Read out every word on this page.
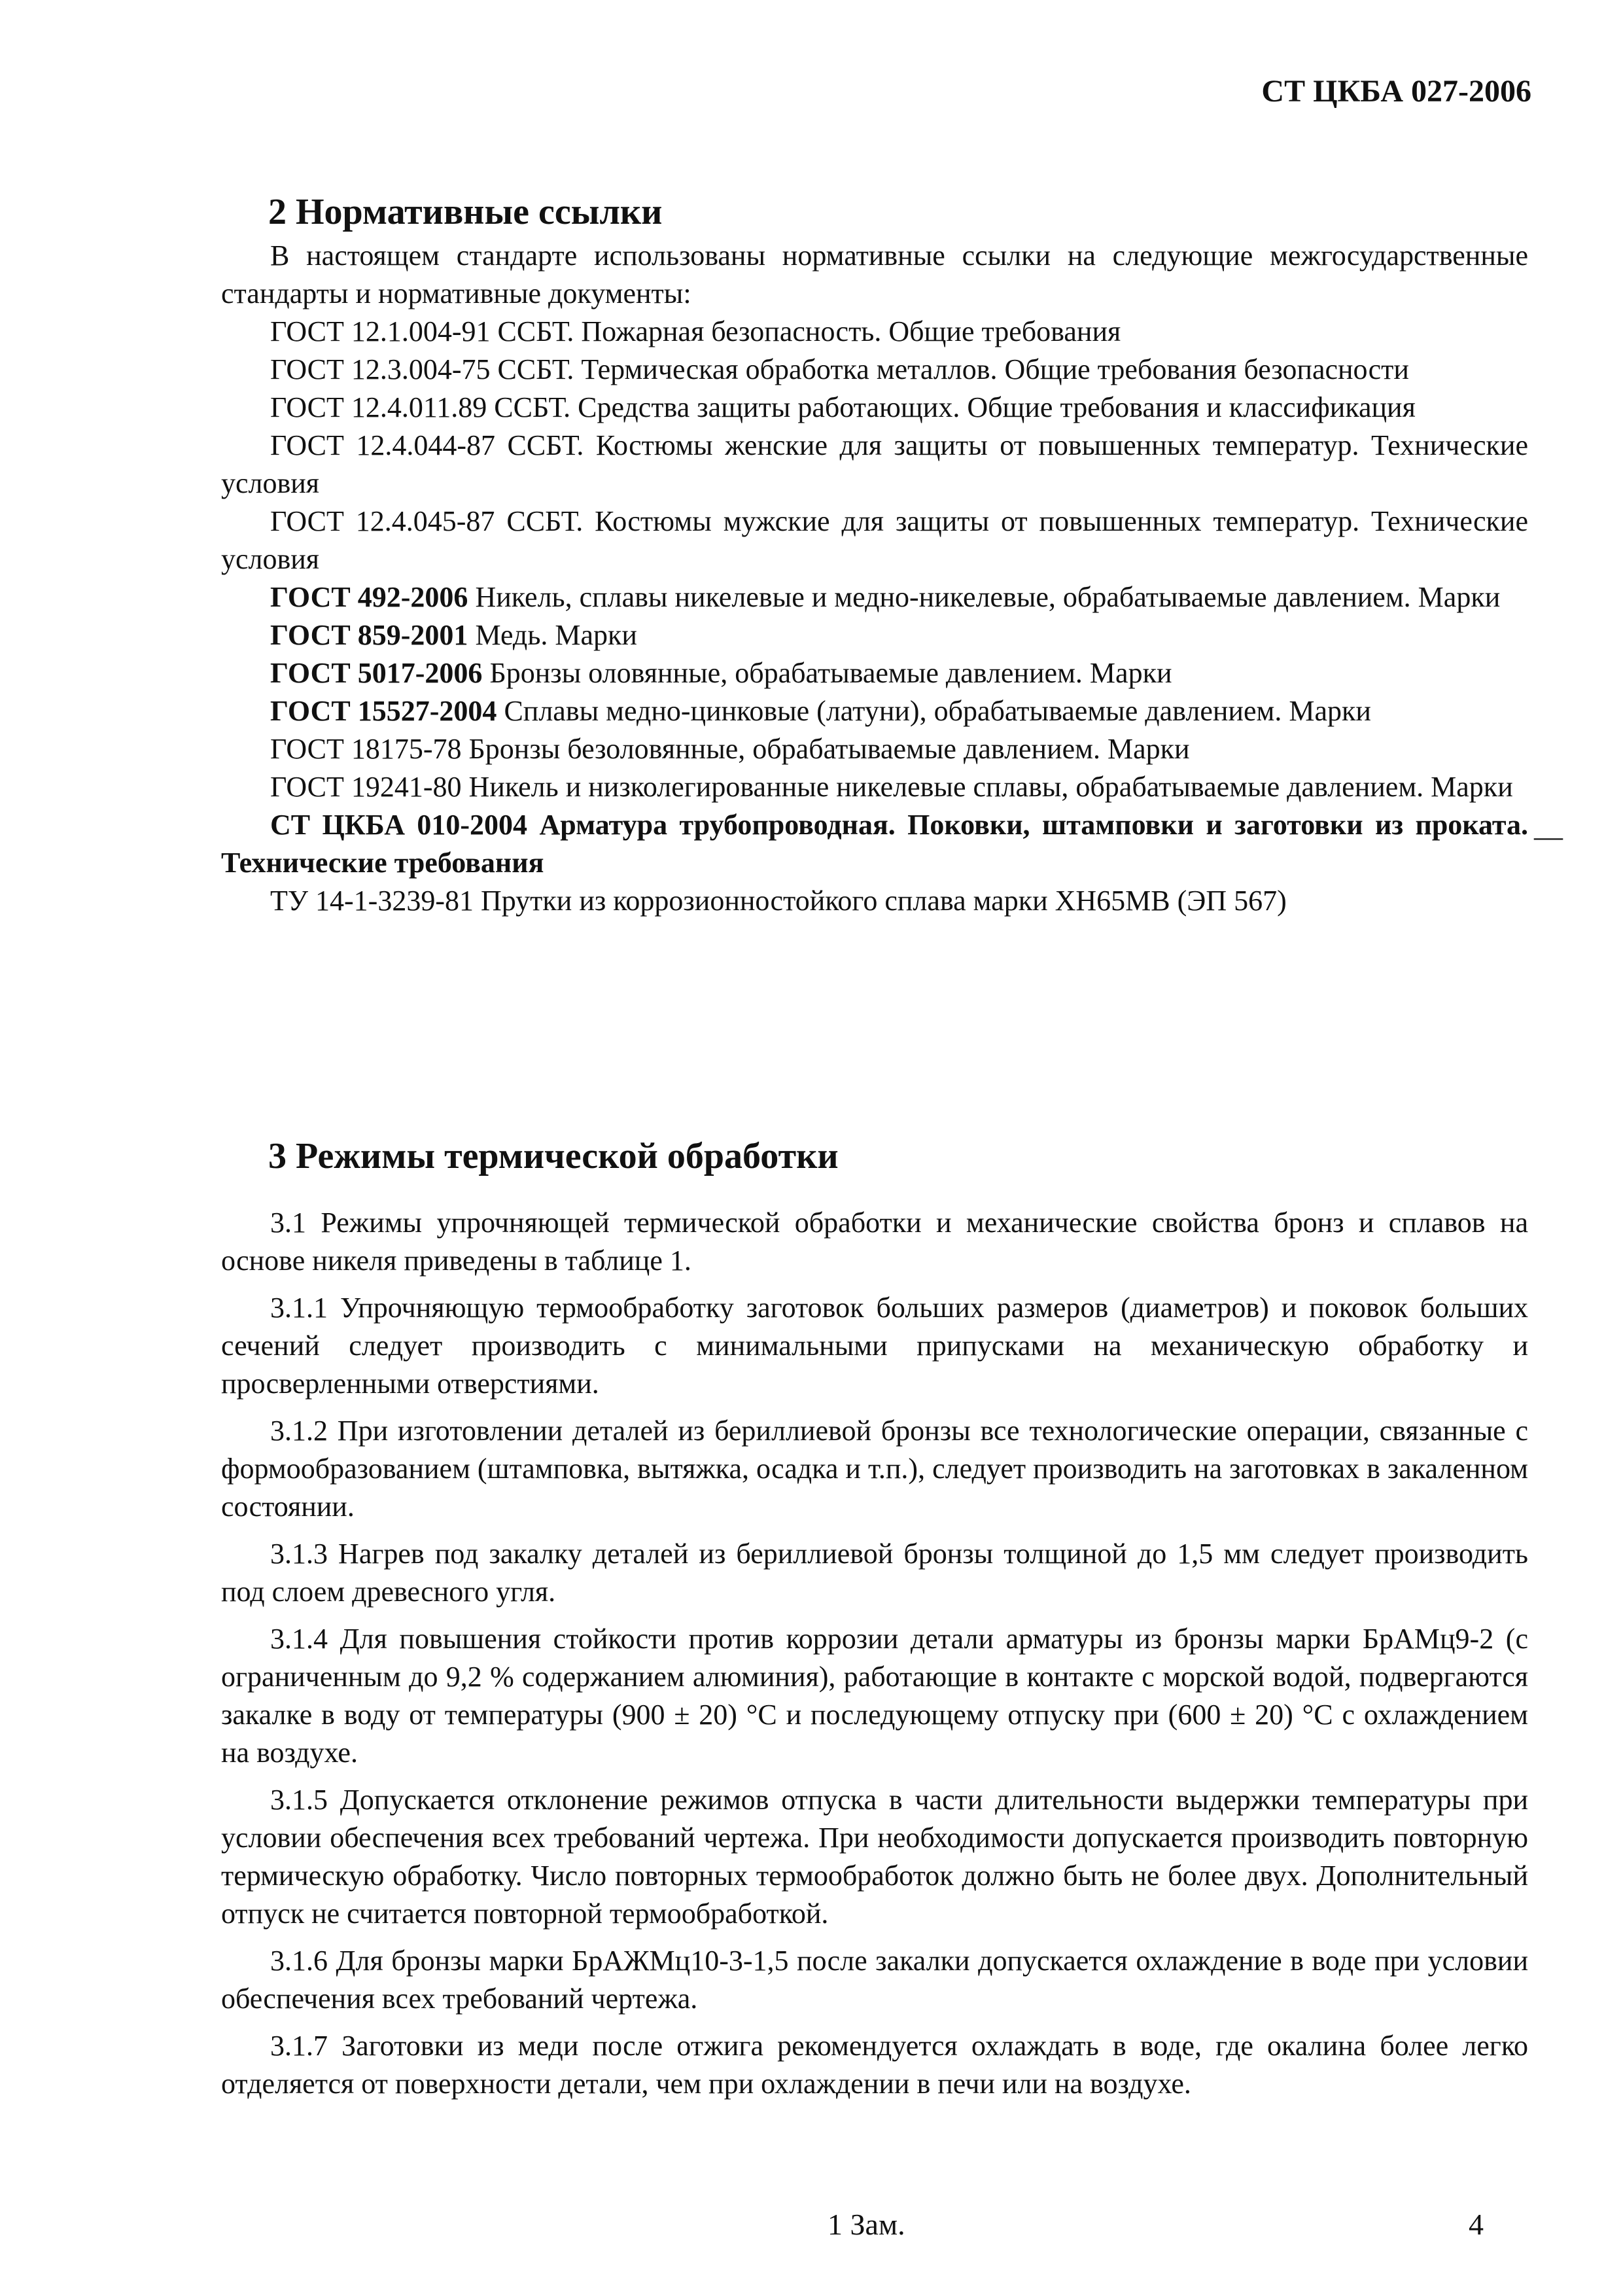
СТ ЦКБА 027-2006
2 Нормативные ссылки

В настоящем стандарте использованы нормативные ссылки на следующие межгосударственные стандарты и нормативные документы:

ГОСТ 12.1.004-91 ССБТ. Пожарная безопасность. Общие требования

ГОСТ 12.3.004-75 ССБТ. Термическая обработка металлов. Общие требования безопасности

ГОСТ 12.4.011.89 ССБТ. Средства защиты работающих. Общие требования и классификация

ГОСТ 12.4.044-87 ССБТ. Костюмы женские для защиты от повышенных температур. Технические условия

ГОСТ 12.4.045-87 ССБТ. Костюмы мужские для защиты от повышенных температур. Технические условия

ГОСТ 492-2006 Никель, сплавы никелевые и медно-никелевые, обрабатываемые давлением. Марки

ГОСТ 859-2001 Медь. Марки

ГОСТ 5017-2006 Бронзы оловянные, обрабатываемые давлением. Марки

ГОСТ 15527-2004 Сплавы медно-цинковые (латуни), обрабатываемые давлением. Марки

ГОСТ 18175-78 Бронзы безоловянные, обрабатываемые давлением. Марки

ГОСТ 19241-80 Никель и низколегированные никелевые сплавы, обрабатываемые давлением. Марки

СТ ЦКБА 010-2004 Арматура трубопроводная. Поковки, штамповки и заготовки из проката. Технические требования

ТУ 14-1-3239-81 Прутки из коррозионностойкого сплава марки ХН65МВ (ЭП 567)

—
3 Режимы термической обработки

3.1 Режимы упрочняющей термической обработки и механические свойства бронз и сплавов на основе никеля приведены в таблице 1.

3.1.1 Упрочняющую термообработку заготовок больших размеров (диаметров) и поковок больших сечений следует производить с минимальными припусками на механическую обработку и просверленными отверстиями.

3.1.2 При изготовлении деталей из бериллиевой бронзы все технологические операции, связанные с формообразованием (штамповка, вытяжка, осадка и т.п.), следует производить на заготовках в закаленном состоянии.

3.1.3 Нагрев под закалку деталей из бериллиевой бронзы толщиной до 1,5 мм следует производить под слоем древесного угля.

3.1.4 Для повышения стойкости против коррозии детали арматуры из бронзы марки БрАМц9-2 (с ограниченным до 9,2 % содержанием алюминия), работающие в контакте с морской водой, подвергаются закалке в воду от температуры (900 ± 20) °С и последующему отпуску при (600 ± 20) °С с охлаждением на воздухе.

3.1.5 Допускается отклонение режимов отпуска в части длительности выдержки температуры при условии обеспечения всех требований чертежа. При необходимости допускается производить повторную термическую обработку. Число повторных термообработок должно быть не более двух. Дополнительный отпуск не считается повторной термообработкой.

3.1.6 Для бронзы марки БрАЖМц10-3-1,5 после закалки допускается охлаждение в воде при условии обеспечения всех требований чертежа.

3.1.7 Заготовки из меди после отжига рекомендуется охлаждать в воде, где окалина более легко отделяется от поверхности детали, чем при охлаждении в печи или на воздухе.

1 Зам.	4
